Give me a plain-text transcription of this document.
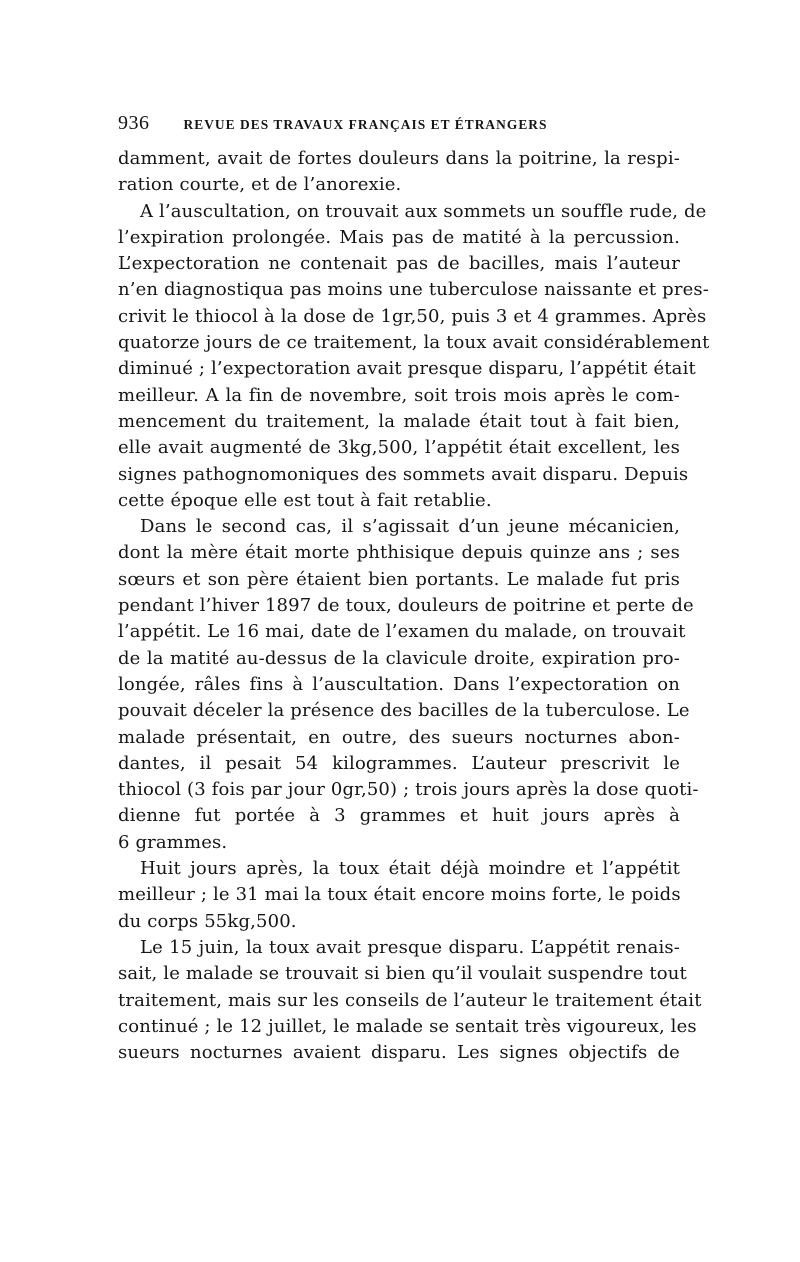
936	REVUE DES TRAVAUX FRANÇAIS ET ÉTRANGERS

damment, avait de fortes douleurs dans la poitrine, la respi-
ration courte, et de l’anorexie.

A l’auscultation, on trouvait aux sommets un souffle rude, de
l’expiration prolongée. Mais pas de matité à la percussion.
L’expectoration ne contenait pas de bacilles, mais l’auteur
n’en diagnostiqua pas moins une tuberculose naissante et pres-
crivit le thiocol à la dose de 1gr,50, puis 3 et 4 grammes. Après
quatorze jours de ce traitement, la toux avait considérablement
diminué ; l’expectoration avait presque disparu, l’appétit était
meilleur. A la fin de novembre, soit trois mois après le com-
mencement du traitement, la malade était tout à fait bien,
elle avait augmenté de 3kg,500, l’appétit était excellent, les
signes pathognomoniques des sommets avait disparu. Depuis
cette époque elle est tout à fait retablie.

Dans le second cas, il s’agissait d’un jeune mécanicien,
dont la mère était morte phthisique depuis quinze ans ; ses
sœurs et son père étaient bien portants. Le malade fut pris
pendant l’hiver 1897 de toux, douleurs de poitrine et perte de
l’appétit. Le 16 mai, date de l’examen du malade, on trouvait
de la matité au-dessus de la clavicule droite, expiration pro-
longée, râles fins à l’auscultation. Dans l’expectoration on
pouvait déceler la présence des bacilles de la tuberculose. Le
malade présentait, en outre, des sueurs nocturnes abon-
dantes, il pesait 54 kilogrammes. L’auteur prescrivit le
thiocol (3 fois par jour 0gr,50) ; trois jours après la dose quoti-
dienne fut portée à 3 grammes et huit jours après à
6 grammes.

Huit jours après, la toux était déjà moindre et l’appétit
meilleur ; le 31 mai la toux était encore moins forte, le poids
du corps 55kg,500.

Le 15 juin, la toux avait presque disparu. L’appétit renais-
sait, le malade se trouvait si bien qu’il voulait suspendre tout
traitement, mais sur les conseils de l’auteur le traitement était
continué ; le 12 juillet, le malade se sentait très vigoureux, les
sueurs nocturnes avaient disparu. Les signes objectifs de
